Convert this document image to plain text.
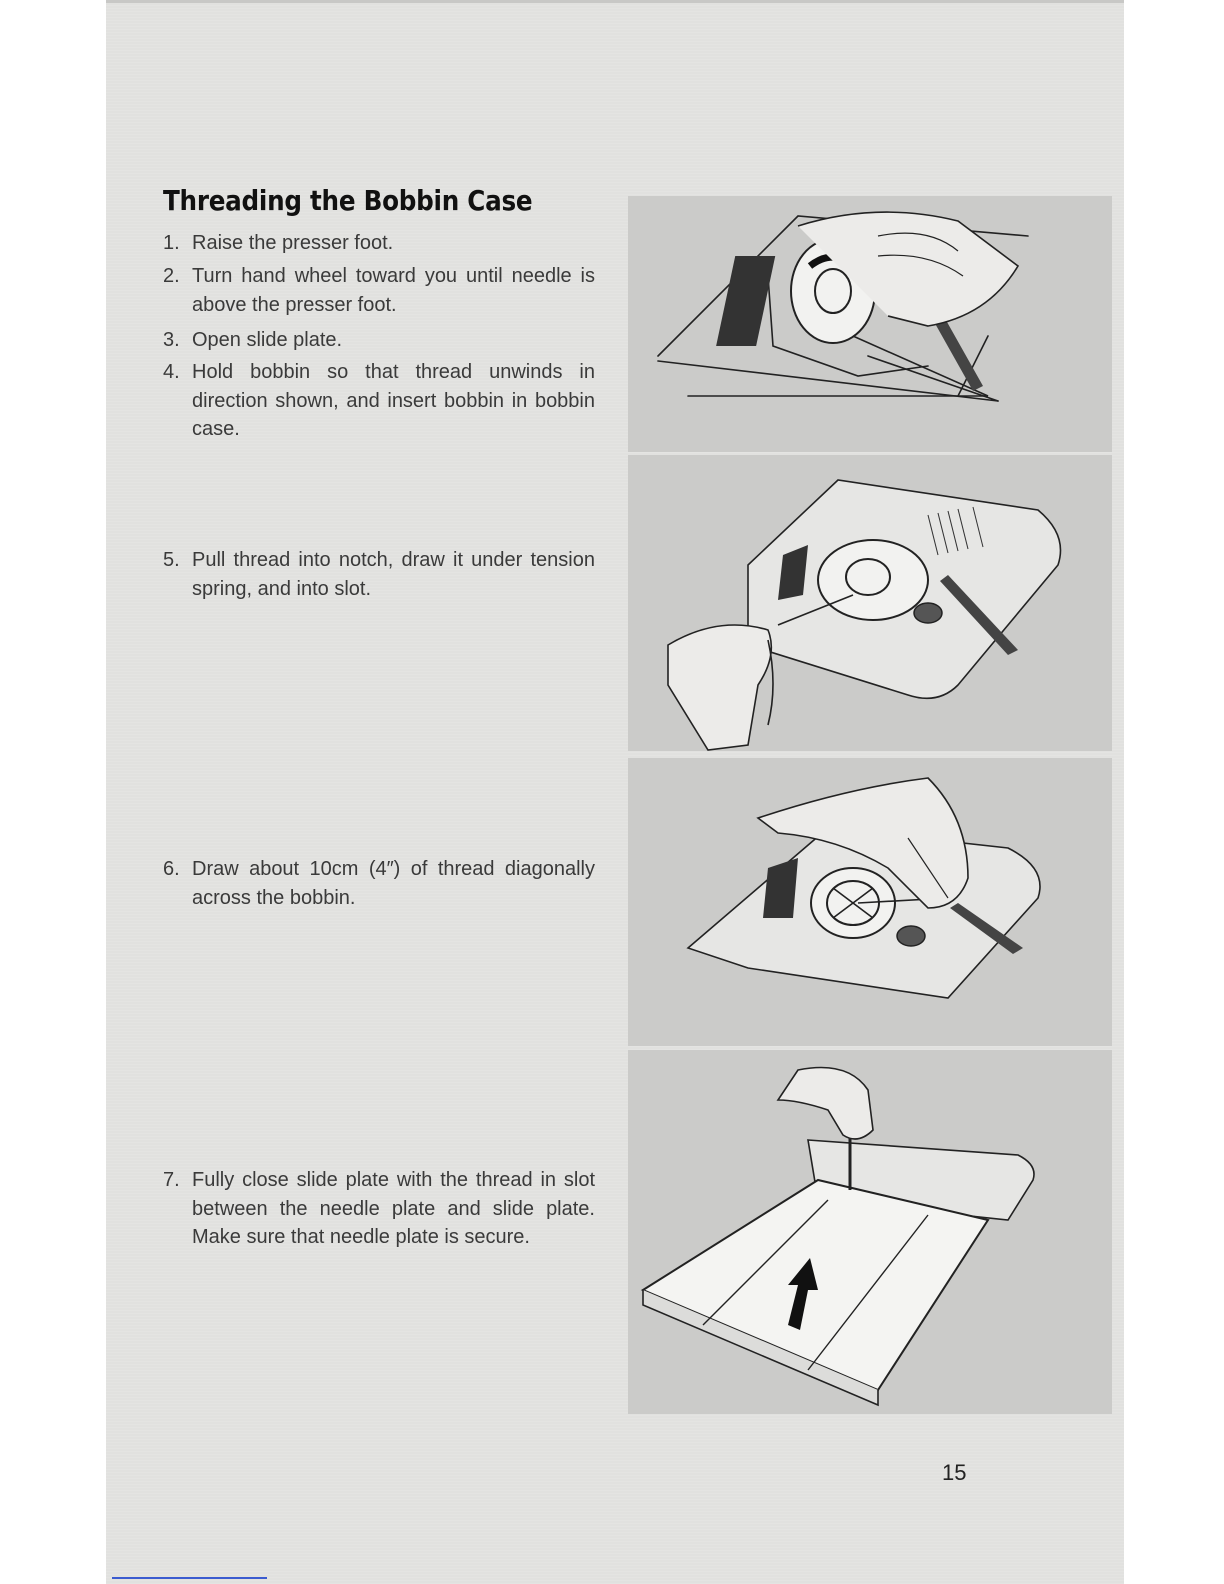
Threading the Bobbin Case
1. Raise the presser foot.
2. Turn hand wheel toward you until needle is above the presser foot.
3. Open slide plate.
4. Hold bobbin so that thread unwinds in direction shown, and insert bobbin in bobbin case.
5. Pull thread into notch, draw it under tension spring, and into slot.
6. Draw about 10cm (4″) of thread diagonally across the bobbin.
7. Fully close slide plate with the thread in slot between the needle plate and slide plate. Make sure that needle plate is secure.
15
